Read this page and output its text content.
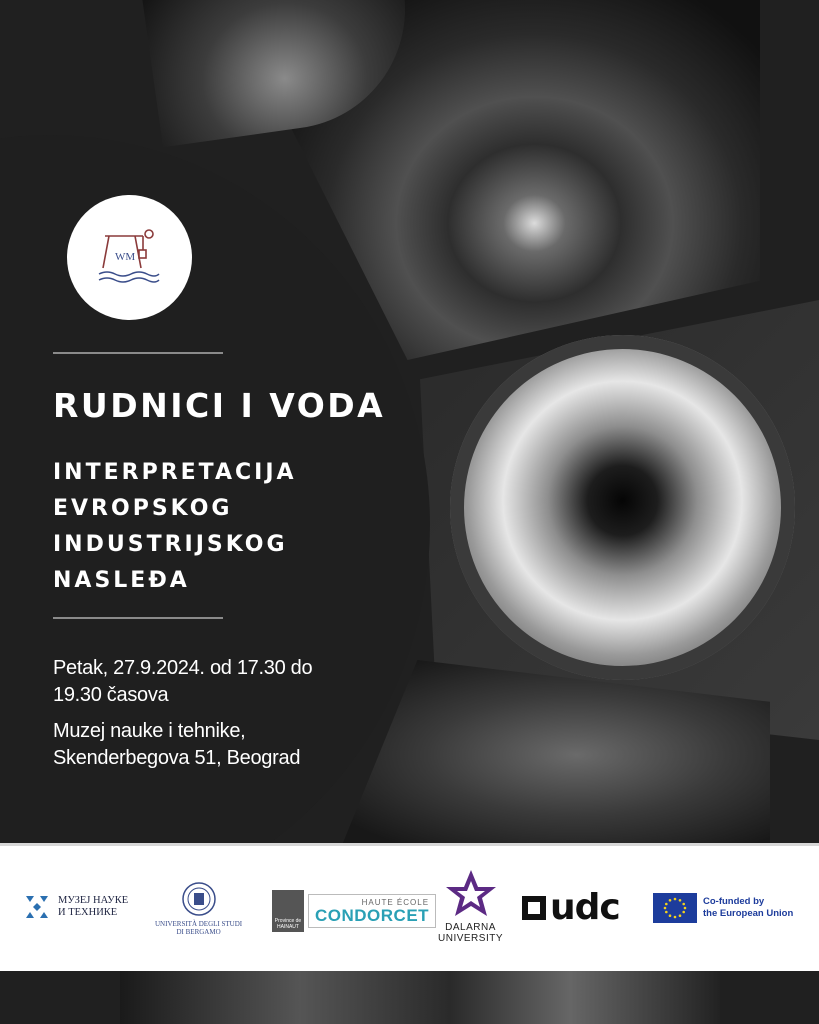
WM
RUDNICI I VODA
INTERPRETACIJA
EVROPSKOG
INDUSTRIJSKOG
NASLEĐA
Petak, 27.9.2024. od 17.30 do
19.30 časova
Muzej nauke i tehnike,
Skenderbegova 51, Beograd
МУЗЕЈ НАУКЕ
И ТЕХНИКЕ
UNIVERSITÀ DEGLI STUDI
DI BERGAMO
Province de HAINAUT
HAUTE ÉCOLE
CONDORCET
DALARNA
UNIVERSITY
udc	Co-funded by
the European Union
